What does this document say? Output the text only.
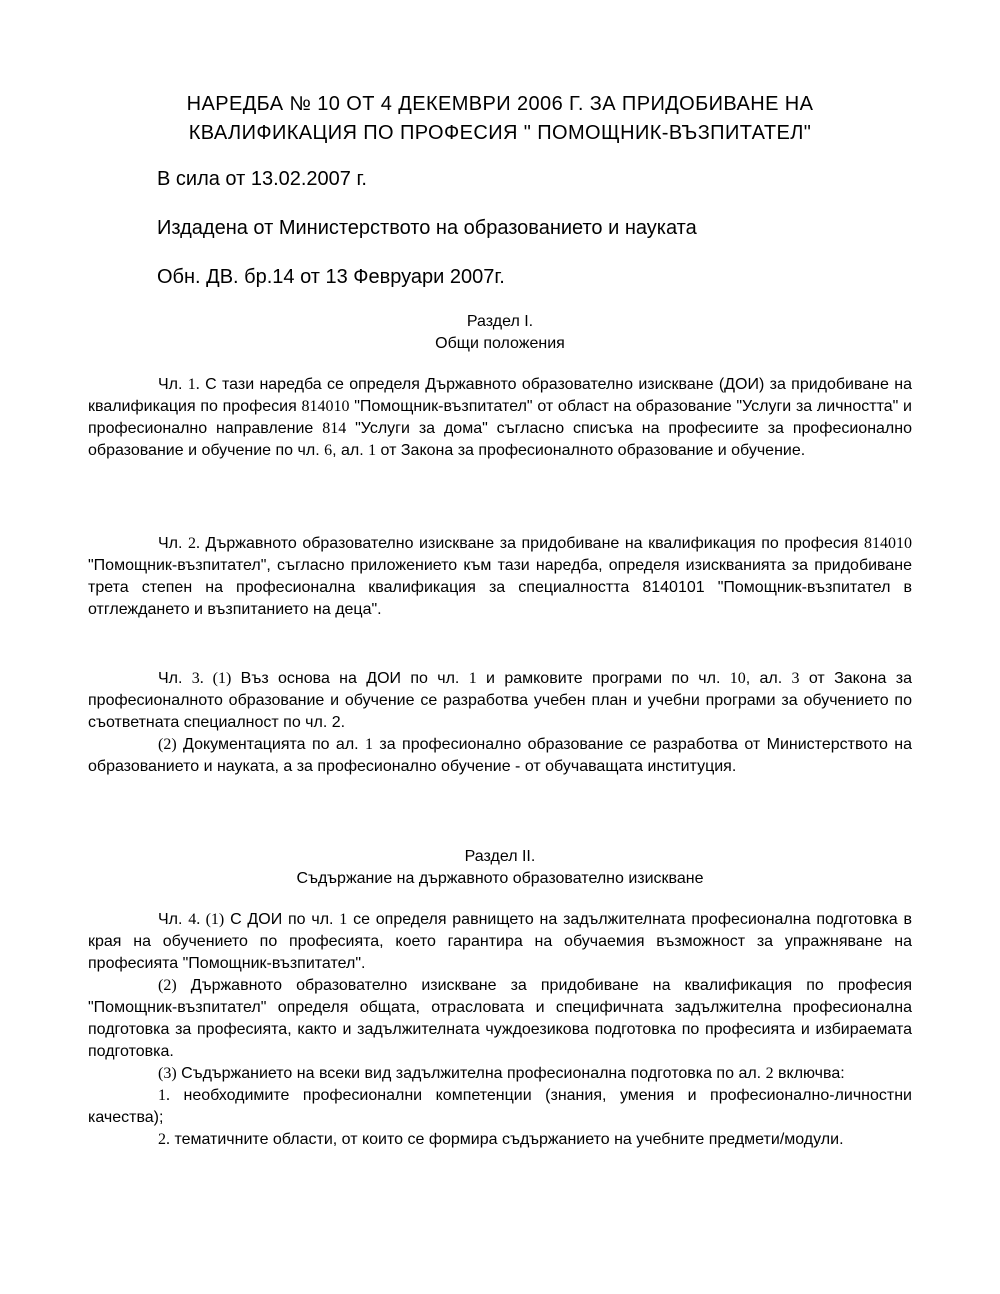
НАРЕДБА № 10 ОТ 4 ДЕКЕМВРИ 2006 Г. ЗА ПРИДОБИВАНЕ НА
КВАЛИФИКАЦИЯ ПО ПРОФЕСИЯ " ПОМОЩНИК-ВЪЗПИТАТЕЛ"

В сила от 13.02.2007 г.

Издадена от Министерството на образованието и науката

Обн. ДВ. бр.14 от 13 Февруари 2007г.

Раздел I.
Общи положения

Чл. 1. С тази наредба се определя Държавното образователно изискване (ДОИ) за придобиване на квалификация по професия 814010 "Помощник-възпитател" от област на образование "Услуги за личността" и професионално направление 814 "Услуги за дома" съгласно списъка на професиите за професионално образование и обучение по чл. 6, ал. 1 от Закона за професионалното образование и обучение.

Чл. 2. Държавното образователно изискване за придобиване на квалификация по професия 814010 "Помощник-възпитател", съгласно приложението към тази наредба, определя изискванията за придобиване трета степен на професионална квалификация за специалността 8140101 "Помощник-възпитател в отглеждането и възпитанието на деца".

Чл. 3. (1) Въз основа на ДОИ по чл. 1 и рамковите програми по чл. 10, ал. 3 от Закона за професионалното образование и обучение се разработва учебен план и учебни програми за обучението по съответната специалност по чл. 2.

(2) Документацията по ал. 1 за професионално образование се разработва от Министерството на образованието и науката, а за професионално обучение - от обучаващата институция.

Раздел II.
Съдържание на държавното образователно изискване

Чл. 4. (1) С ДОИ по чл. 1 се определя равнището на задължителната професионална подготовка в края на обучението по професията, което гарантира на обучаемия възможност за упражняване на професията "Помощник-възпитател".

(2) Държавното образователно изискване за придобиване на квалификация по професия "Помощник-възпитател" определя общата, отрасловата и специфичната задължителна професионална подготовка за професията, както и задължителната чуждоезикова подготовка по професията и избираемата подготовка.

(3) Съдържанието на всеки вид задължителна професионална подготовка по ал. 2 включва:

1. необходимите професионални компетенции (знания, умения и професионално-личностни качества);

2. тематичните области, от които се формира съдържанието на учебните предмети/модули.
